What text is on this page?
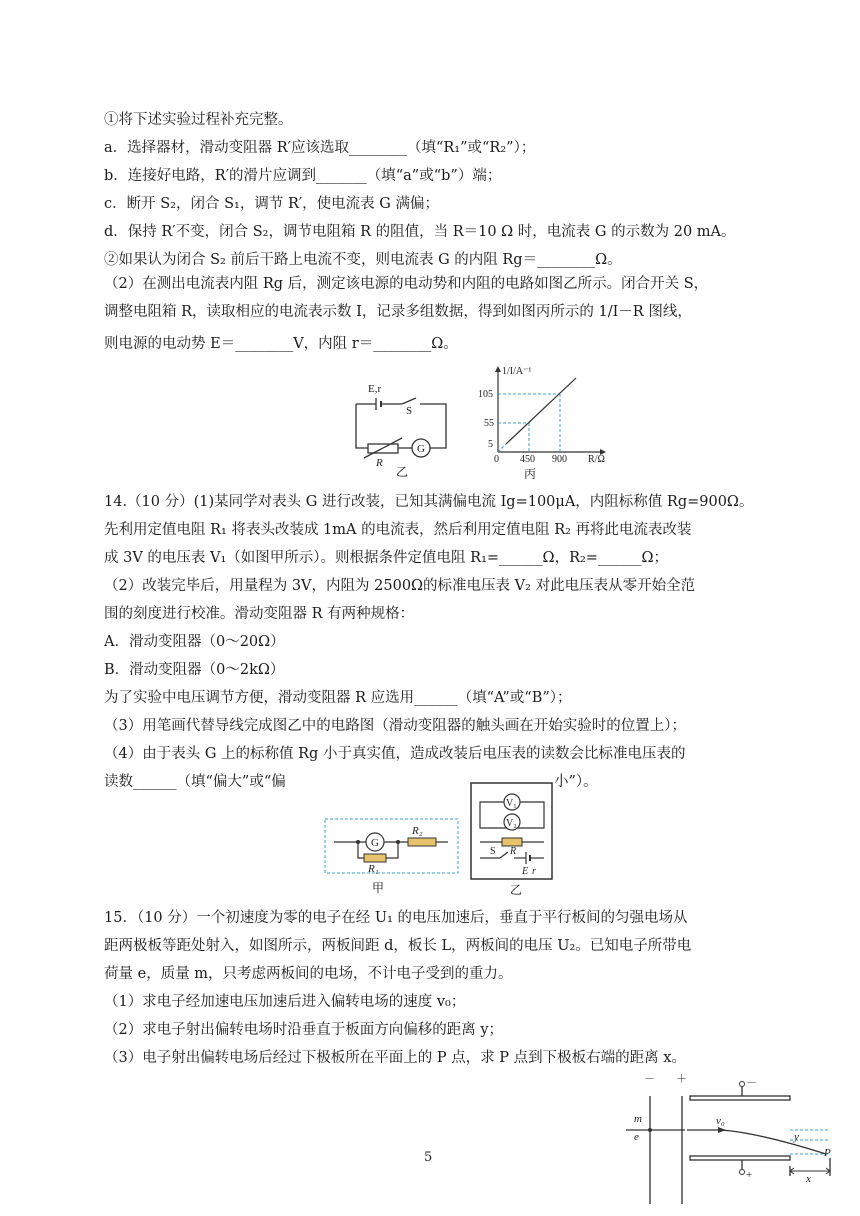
①将下述实验过程补充完整。
a．选择器材，滑动变阻器 R′应该选取________（填“R₁”或“R₂”）；
b．连接好电路，R′的滑片应调到_______（填“a”或“b”）端；
c．断开 S₂，闭合 S₁，调节 R′，使电流表 G 满偏；
d．保持 R′不变，闭合 S₂，调节电阻箱 R 的阻值，当 R＝10 Ω 时，电流表 G 的示数为 20 mA。
②如果认为闭合 S₂ 前后干路上电流不变，则电流表 G 的内阻 Rg＝________Ω。
（2）在测出电流表内阻 Rg 后，测定该电源的电动势和内阻的电路如图乙所示。闭合开关 S，
调整电阻箱 R，读取相应的电流表示数 I，记录多组数据，得到如图丙所示的 1/I－R 图线，
则电源的电动势 E＝________V，内阻 r＝________Ω。
E,r
S
R
G
乙
1/I/A⁻¹
105
55
5
0 450 900 R/Ω
丙
14.（10 分）(1)某同学对表头 G 进行改装，已知其满偏电流 Ig=100μA，内阻标称值 Rg=900Ω。
先利用定值电阻 R₁ 将表头改装成 1mA 的电流表，然后利用定值电阻 R₂ 再将此电流表改装
成 3V 的电压表 V₁（如图甲所示）。则根据条件定值电阻 R₁=______Ω，R₂=______Ω；
（2）改装完毕后，用量程为 3V，内阻为 2500Ω的标准电压表 V₂ 对此电压表从零开始全范
围的刻度进行校准。滑动变阻器 R 有两种规格：
A．滑动变阻器（0～20Ω）
B．滑动变阻器（0～2kΩ）
为了实验中电压调节方便，滑动变阻器 R 应选用______（填“A”或“B”）；
（3）用笔画代替导线完成图乙中的电路图（滑动变阻器的触头画在开始实验时的位置上）；
（4）由于表头 G 上的标称值 Rg 小于真实值，造成改装后电压表的读数会比标准电压表的
读数______（填“偏大”或“偏	小”）。
G
R₂
R₁
甲
V₁
V₂
R
S
E r
乙
15．（10 分）一个初速度为零的电子在经 U₁ 的电压加速后，垂直于平行板间的匀强电场从
距两极板等距处射入，如图所示，两板间距 d，板长 L，两板间的电压 U₂。已知电子所带电
荷量 e，质量 m，只考虑两板间的电场，不计电子受到的重力。
（1）求电子经加速电压加速后进入偏转电场的速度 v₀；
（2）求电子射出偏转电场时沿垂直于板面方向偏移的距离 y；
（3）电子射出偏转电场后经过下极板所在平面上的 P 点，求 P 点到下极板右端的距离 x。
－ ＋
m
e
v₀
y
P
x
－
+
5
